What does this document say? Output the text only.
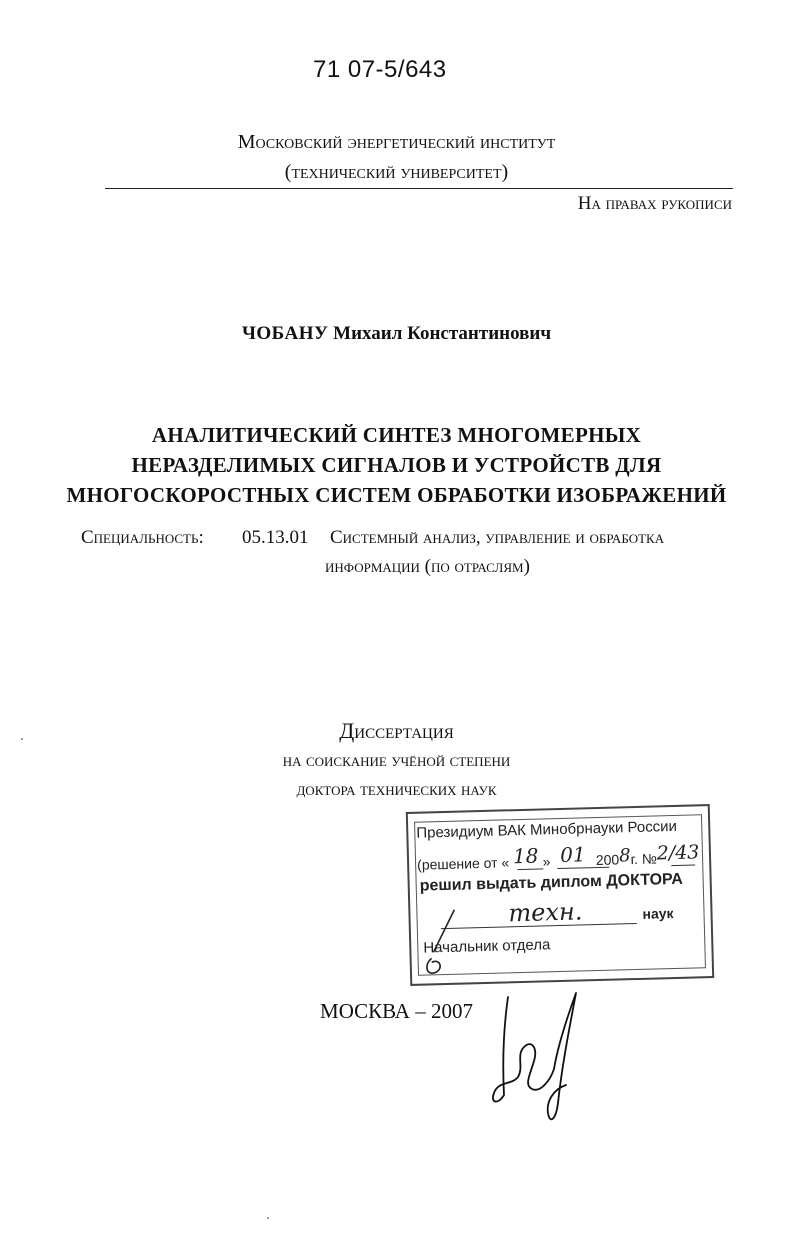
71 07-5/643
Московский энергетический институт
(технический университет)
На правах рукописи
ЧОБАНУ Михаил Константинович
АНАЛИТИЧЕСКИЙ СИНТЕЗ МНОГОМЕРНЫХ
НЕРАЗДЕЛИМЫХ СИГНАЛОВ И УСТРОЙСТВ ДЛЯ
МНОГОСКОРОСТНЫХ СИСТЕМ ОБРАБОТКИ ИЗОБРАЖЕНИЙ
Специальность: 05.13.01 Системный анализ, управление и обработка
информации (по отраслям)
Диссертация
на соискание учёной степени
доктора технических наук
Президиум ВАК Минобрнауки России
(решение от « 18 » 01 2008г. №2/43
решил выдать диплом ДОКТОРА
техн.	наук
Начальник отдела
МОСКВА – 2007
